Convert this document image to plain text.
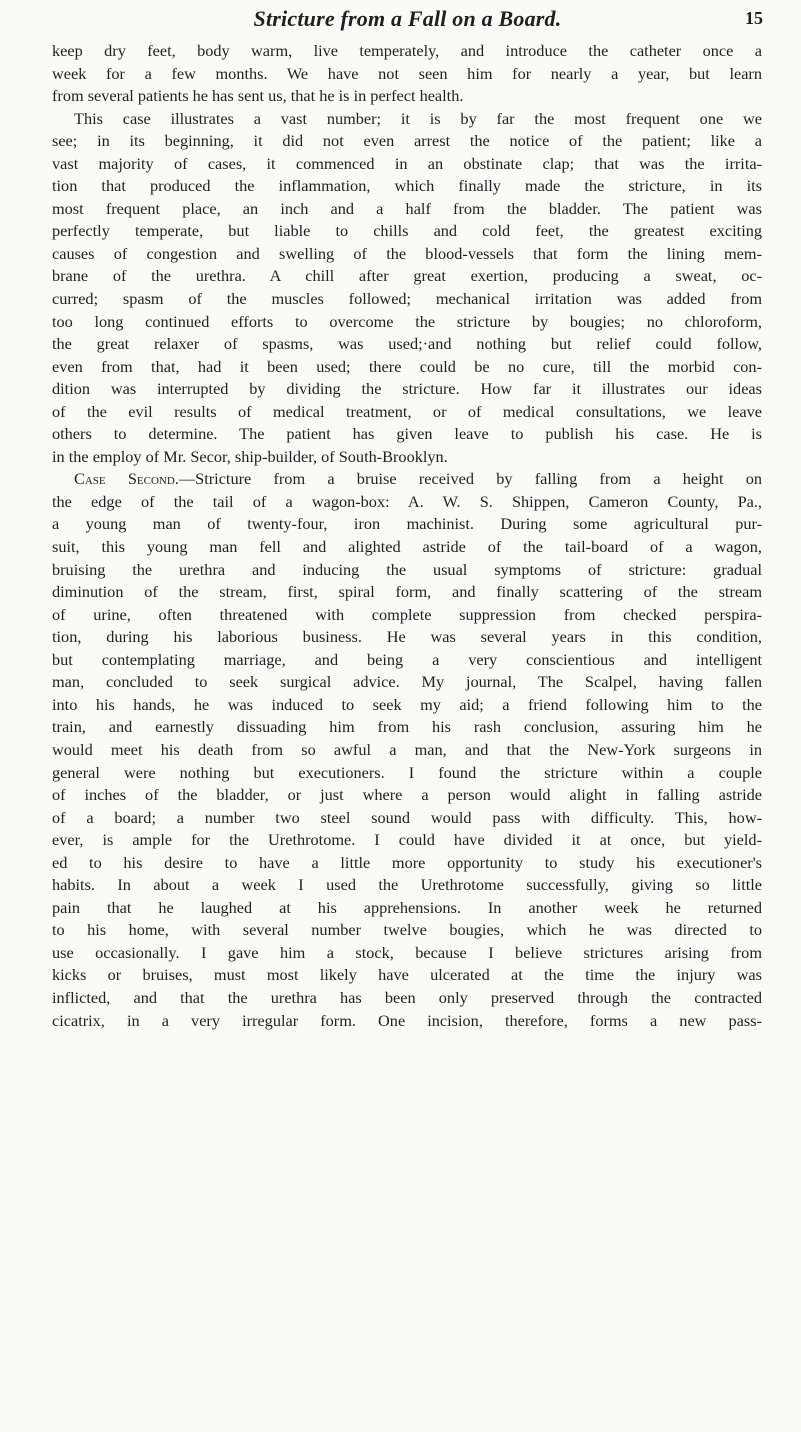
Stricture from a Fall on a Board.	15
keep dry feet, body warm, live temperately, and introduce the catheter once a
week for a few months. We have not seen him for nearly a year, but learn
from several patients he has sent us, that he is in perfect health.
This case illustrates a vast number; it is by far the most frequent one we
see; in its beginning, it did not even arrest the notice of the patient; like a
vast majority of cases, it commenced in an obstinate clap; that was the irrita-
tion that produced the inflammation, which finally made the stricture, in its
most frequent place, an inch and a half from the bladder. The patient was
perfectly temperate, but liable to chills and cold feet, the greatest exciting
causes of congestion and swelling of the blood-vessels that form the lining mem-
brane of the urethra. A chill after great exertion, producing a sweat, oc-
curred; spasm of the muscles followed; mechanical irritation was added from
too long continued efforts to overcome the stricture by bougies; no chloroform,
the great relaxer of spasms, was used;·and nothing but relief could follow,
even from that, had it been used; there could be no cure, till the morbid con-
dition was interrupted by dividing the stricture. How far it illustrates our ideas
of the evil results of medical treatment, or of medical consultations, we leave
others to determine. The patient has given leave to publish his case. He is
in the employ of Mr. Secor, ship-builder, of South-Brooklyn.
Case Second.—Stricture from a bruise received by falling from a height on
the edge of the tail of a wagon-box: A. W. S. Shippen, Cameron County, Pa.,
a young man of twenty-four, iron machinist. During some agricultural pur-
suit, this young man fell and alighted astride of the tail-board of a wagon,
bruising the urethra and inducing the usual symptoms of stricture: gradual
diminution of the stream, first, spiral form, and finally scattering of the stream
of urine, often threatened with complete suppression from checked perspira-
tion, during his laborious business. He was several years in this condition,
but contemplating marriage, and being a very conscientious and intelligent
man, concluded to seek surgical advice. My journal, The Scalpel, having fallen
into his hands, he was induced to seek my aid; a friend following him to the
train, and earnestly dissuading him from his rash conclusion, assuring him he
would meet his death from so awful a man, and that the New-York surgeons in
general were nothing but executioners. I found the stricture within a couple
of inches of the bladder, or just where a person would alight in falling astride
of a board; a number two steel sound would pass with difficulty. This, how-
ever, is ample for the Urethrotome. I could have divided it at once, but yield-
ed to his desire to have a little more opportunity to study his executioner's
habits. In about a week I used the Urethrotome successfully, giving so little
pain that he laughed at his apprehensions. In another week he returned
to his home, with several number twelve bougies, which he was directed to
use occasionally. I gave him a stock, because I believe strictures arising from
kicks or bruises, must most likely have ulcerated at the time the injury was
inflicted, and that the urethra has been only preserved through the contracted
cicatrix, in a very irregular form. One incision, therefore, forms a new pass-
